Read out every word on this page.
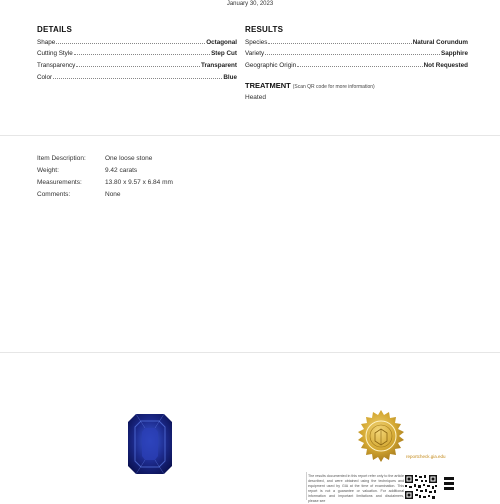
January 30, 2023
DETAILS
Shape	Octagonal
Cutting Style	Step Cut
Transparency	Transparent
Color	Blue
RESULTS
Species	Natural Corundum
Variety	Sapphire
Geographic Origin	Not Requested
TREATMENT (Scan QR code for more information)
Heated
Item Description:	One loose stone
Weight:	9.42 carats
Measurements:	13.80 x 9.57 x 6.84 mm
Comments:	None
reportcheck.gia.edu
The results documented in this report refer only to the article described, and were obtained using the techniques and equipment used by GIA at the time of examination. This report is not a guarantee or valuation. For additional information and important limitations and disclaimers, please see
